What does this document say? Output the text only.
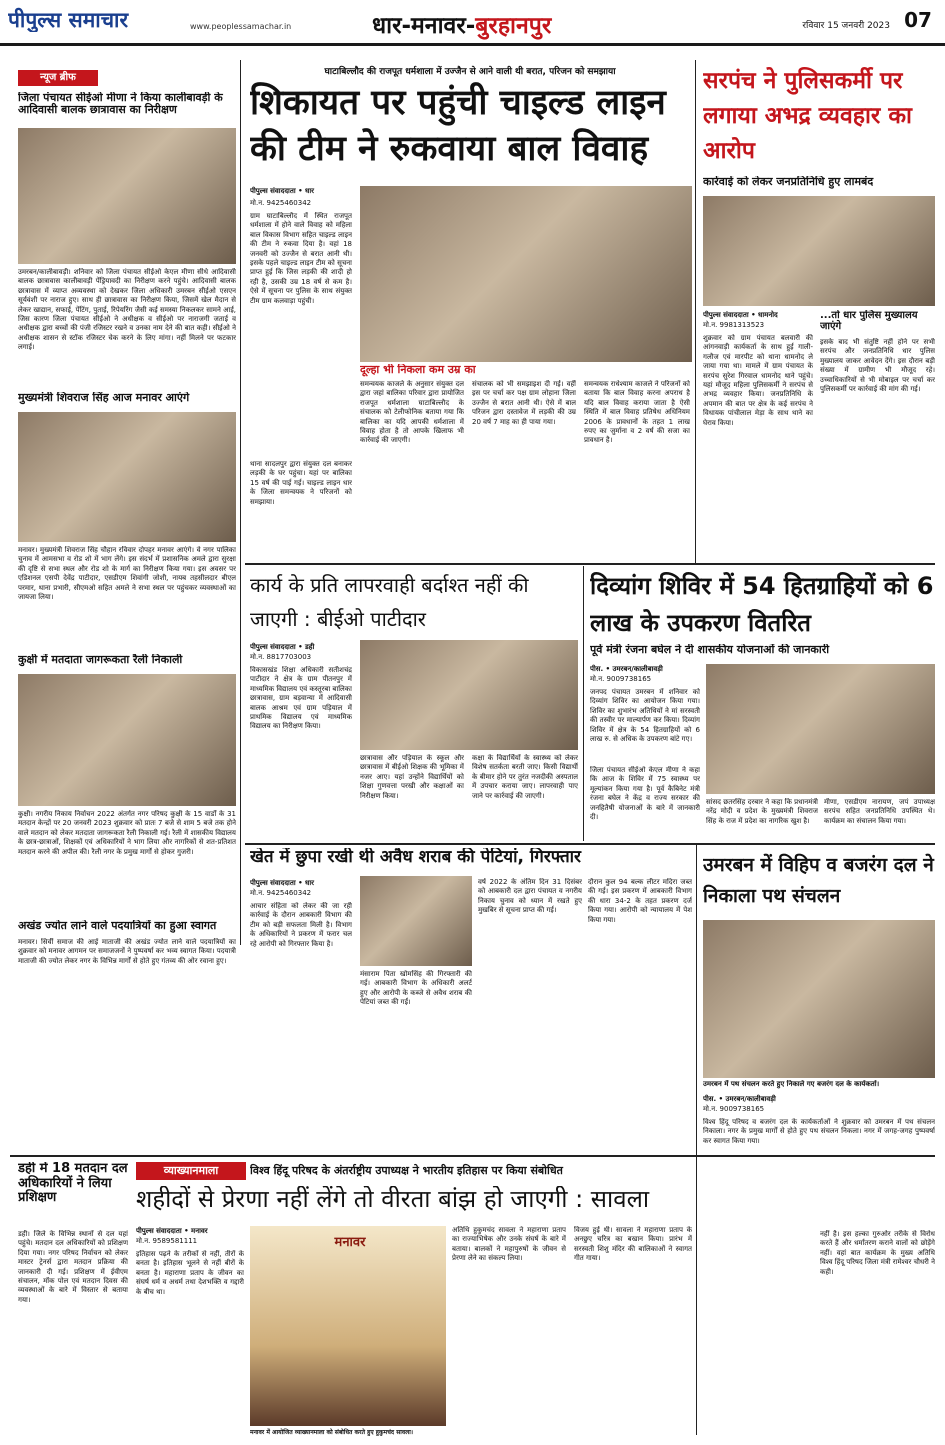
पीपुल्स समाचार	www.peoplessamachar.in	धार-मनावर-बुरहानपुर	रविवार 15 जनवरी 2023 07
न्यूज ब्रीफ
जिला पंचायत सीईओ मीणा ने किया कालीबावड़ी के आदिवासी बालक छात्रावास का निरीक्षण
उमरबन/कालीबावड़ी। शनिवार को जिला पंचायत सीईओ केएल मीणा सीधे आदिवासी बालक छात्रावास कालीबावड़ी पेंड्रियावदी का निरीक्षण करने पहुंचे। आदिवासी बालक छात्रावास में व्याप्त अव्यवस्था को देखकर जिला अधिकारी उमरबन सीईओ एसएन सूर्यवंशी पर नाराज हुए। साथ ही छात्रावास का निरीक्षण किया, जिसमें खेल मैदान से लेकर खाद्यान, सफाई, पेंटिंग, पुताई, रिपेयरिंग जैसी कई समस्या निकलकर सामने आई, जिस कारण जिला पंचायत सीईओ ने अधीक्षक व सीईओ पर नाराजगी जताई व अधीक्षक द्वारा बच्चों की पंजी रजिस्टर रखने व उनका नाम देने की बात कही। सीईओ ने अधीक्षक शासन से स्टॉक रजिस्टर चेक करने के लिए मांगा। नहीं मिलने पर फटकार लगाई।
मुख्यमंत्री शिवराज सिंह आज मनावर आएंगे
मनावर। मुख्यमंत्री शिवराज सिंह चौहान रविवार दोपहर मनावर आएंगे। वे नगर पालिका चुनाव में आमसभा व रोड शो में भाग लेंगे। इस संदर्भ में प्रशासनिक अमले द्वारा सुरक्षा की दृष्टि से सभा स्थल और रोड शो के मार्ग का निरीक्षण किया गया। इस अवसर पर एडिशनल एसपी देवेंद्र पाटीदार, एसडीएम शिवांगी जोशी, नायब तहसीलदार बीएल परमार, थाना प्रभारी, सीएमओ सहित अमले ने सभा स्थल पर पहुंचकर व्यवस्थाओं का जायजा लिया।
कुक्षी में मतदाता जागरूकता रैली निकाली
कुक्षी। नगरीय निकाय निर्वाचन 2022 अंतर्गत नगर परिषद कुक्षी के 15 वार्डों के 31 मतदान केन्द्रों पर 20 जनवरी 2023 शुक्रवार को प्रातः 7 बजे से शाम 5 बजे तक होने वाले मतदान को लेकर मतदाता जागरूकता रैली निकाली गई। रैली में शासकीय विद्यालय के छात्र-छात्राओं, शिक्षकों एवं अधिकारियों ने भाग लिया और नागरिकों से शत-प्रतिशत मतदान करने की अपील की। रैली नगर के प्रमुख मार्गों से होकर गुजरी।
अखंड ज्योत लाने वाले पदयात्रियों का हुआ स्वागत
मनावर। सिर्वी समाज की आई माताजी की अखंड ज्योत लाने वाले पदयात्रियों का शुक्रवार को मनावर आगमन पर समाजजनों ने पुष्पवर्षा कर भव्य स्वागत किया। पदयात्री माताजी की ज्योत लेकर नगर के विभिन्न मार्गों से होते हुए गंतव्य की ओर रवाना हुए।
डही में 18 मतदान दल अधिकारियों ने लिया प्रशिक्षण
डही। जिले के विभिन्न स्थानों से दल यहां पहुंचे। मतदान दल अधिकारियों को प्रशिक्षण दिया गया। नगर परिषद निर्वाचन को लेकर मास्टर ट्रेनर्स द्वारा मतदान प्रक्रिया की जानकारी दी गई। प्रशिक्षण में ईवीएम संचालन, मॉक पोल एवं मतदान दिवस की व्यवस्थाओं के बारे में विस्तार से बताया गया।
घाटाबिल्लौद की राजपूत धर्मशाला में उज्जैन से आने वाली थी बरात, परिजन को समझाया
शिकायत पर पहुंची चाइल्ड लाइन की टीम ने रुकवाया बाल विवाह
पीपुल्स संवाददाता • धार
मो.न. 9425460342
ग्राम घाटाबिल्लौद में स्थित राजपूत धर्मशाला में होने वाले विवाह को महिला बाल विकास विभाग सहित चाइल्ड लाइन की टीम ने रुकवा दिया है। वहां 18 जनवरी को उज्जैन से बरात आनी थी। इसके पहले चाइल्ड लाइन टीम को सूचना प्राप्त हुई कि जिस लड़की की शादी हो रही है, उसकी उम्र 18 वर्ष से कम है। ऐसे में सूचना पर पुलिस के साथ संयुक्त टीम ग्राम कलवाड़ा पहुंची।
दूल्हा भी निकला कम उम्र का
समन्वयक काजले के अनुसार संयुक्त दल द्वारा जहां बालिका परिवार द्वारा प्रायोजित राजपूत धर्मशाला घाटाबिल्लौद के संचालक को टेलीफोनिक बताया गया कि बालिका का यदि आपकी धर्मशाला में विवाह होता है तो आपके खिलाफ भी कार्रवाई की जाएगी।
संचालक को भी समझाइश दी गई। वहीं इस पर चर्चा कर पक्ष ग्राम लोहाना जिला उज्जैन से बरात आनी थी। ऐसे में बाल परिजन द्वारा दस्तावेज में लड़की की उम्र 20 वर्ष 7 माह का ही पाया गया।
समन्वयक राधेश्याम काजले ने परिजनों को बताया कि बाल विवाह करना अपराध है यदि बाल विवाह कराया जाता है ऐसी स्थिति में बाल विवाह प्रतिषेध अधिनियम 2006 के प्रावधानों के तहत 1 लाख रुपए का जुर्माना व 2 वर्ष की सजा का प्रावधान है।
थाना सादलपुर द्वारा संयुक्त दल बनाकर लड़की के घर पहुंचा। यहां पर बालिका 15 वर्ष की पाई गई। चाइल्ड लाइन धार के जिला समन्वयक ने परिजनों को समझाया।
सरपंच ने पुलिसकर्मी पर लगाया अभद्र व्यवहार का आरोप
कार्रवाई को लेकर जनप्रतिनिधि हुए लामबंद
पीपुल्स संवाददाता • धामनोद
मो.न. 9981313523
शुक्रवार को ग्राम पंचायत बलवारी की आंगनवाड़ी कार्यकर्ता के साथ हुई गाली-गलौज एवं मारपीट को थाना धामनोद ले जाया गया था। मामले में ग्राम पंचायत के सरपंच सुरेश गिरवाल धामनोद थाने पहुंचे। यहां मौजूद महिला पुलिसकर्मी ने सरपंच से अभद्र व्यवहार किया। जनप्रतिनिधि के अपमान की बात पर क्षेत्र के कई सरपंच ने विधायक पांचीलाल मेड़ा के साथ थाने का घेराव किया।
...तो धार पुलिस मुख्यालय जाएंगे
इसके बाद भी संतुष्टि नहीं होने पर सभी सरपंच और जनप्रतिनिधि धार पुलिस मुख्यालय जाकर आवेदन देंगे। इस दौरान बड़ी संख्या में ग्रामीण भी मौजूद रहे। उच्चाधिकारियों से भी मोबाइल पर चर्चा कर पुलिसकर्मी पर कार्रवाई की मांग की गई।
कार्य के प्रति लापरवाही बर्दाश्त नहीं की जाएगी : बीईओ पाटीदार
पीपुल्स संवाददाता • डही
मो.न. 8817703003
विकासखंड शिक्षा अधिकारी सतीशचंद्र पाटीदार ने क्षेत्र के ग्राम पीतनपुर में माध्यमिक विद्यालय एवं कस्तूरबा बालिका छात्रावास, ग्राम बड़वान्या में आदिवासी बालक आश्रम एवं ग्राम पड़ियाल में प्राथमिक विद्यालय एवं माध्यमिक विद्यालय का निरीक्षण किया।
छात्रावास और पड़ियाल के स्कूल और छात्रावास में बीईओ शिक्षक की भूमिका में नजर आए। यहां उन्होंने विद्यार्थियों को शिक्षा गुणवत्ता परखी और कक्षाओं का निरीक्षण किया।
कक्षा के विद्यार्थियों के स्वास्थ्य को लेकर विशेष सतर्कता बरती जाए। किसी विद्यार्थी के बीमार होने पर तुरंत नजदीकी अस्पताल में उपचार कराया जाए। लापरवाही पाए जाने पर कार्रवाई की जाएगी।
दिव्यांग शिविर में 54 हितग्राहियों को 6 लाख के उपकरण वितरित
पूर्व मंत्री रंजना बघेल ने दी शासकीय योजनाओं की जानकारी
पीस. • उमरबन/कालीबावड़ी
मो.न. 9009738165
जनपद पंचायत उमरबन में शनिवार को दिव्यांग शिविर का आयोजन किया गया। शिविर का शुभारंभ अतिथियों ने मां सरस्वती की तस्वीर पर माल्यार्पण कर किया। दिव्यांग शिविर में क्षेत्र के 54 हितग्राहियों को 6 लाख रु. से अधिक के उपकरण बांटे गए।
जिला पंचायत सीईओ केएल मीणा ने कहा कि आज के शिविर में 75 स्वास्थ्य पर मूल्यांकन किया गया है। पूर्व कैबिनेट मंत्री रंजना बघेल ने केंद्र व राज्य सरकार की जनहितैषी योजनाओं के बारे में जानकारी दी।
सांसद छतरसिंह दरबार ने कहा कि प्रधानमंत्री नरेंद्र मोदी व प्रदेश के मुख्यमंत्री शिवराज सिंह के राज में प्रदेश का नागरिक खुश है।
मीणा, एसडीएम नारायण, जपं उपाध्यक्ष सरपंच सहित जनप्रतिनिधि उपस्थित थे। कार्यक्रम का संचालन किया गया।
खेत में छुपा रखी थी अवैध शराब की पेटियां, गिरफ्तार
पीपुल्स संवाददाता • धार
मो.न. 9425460342
आचार संहिता को लेकर की जा रही कार्रवाई के दौरान आबकारी विभाग की टीम को बड़ी सफलता मिली है। विभाग के अधिकारियों ने प्रकरण में फरार चल रहे आरोपी को गिरफ्तार किया है।
मंसाराम पिता खोमसिंह की गिरफ्तारी की गई। आबकारी विभाग के अधिकारी अलर्ट हुए और आरोपी के कब्जे से अवैध शराब की पेटियां जब्त की गईं।
वर्ष 2022 के अंतिम दिन 31 दिसंबर को आबकारी दल द्वारा पंचायत व नगरीय निकाय चुनाव को ध्यान में रखते हुए मुखबिर से सूचना प्राप्त की गई।
दौरान कुल 94 बल्क लीटर मदिरा जब्त की गई। इस प्रकरण में आबकारी विभाग की धारा 34-2 के तहत प्रकरण दर्ज किया गया। आरोपी को न्यायालय में पेश किया गया।
उमरबन में विहिप व बजरंग दल ने निकाला पथ संचलन
उमरबन में पथ संचलन करते हुए निकाले गए बजरंग दल के कार्यकर्ता।
पीस. • उमरबन/कालीबावड़ी
मो.न. 9009738165
विश्व हिंदू परिषद व बजरंग दल के कार्यकर्ताओं ने शुक्रवार को उमरबन में पथ संचलन निकाला। नगर के प्रमुख मार्गों से होते हुए पथ संचलन निकला। नगर में जगह-जगह पुष्पवर्षा कर स्वागत किया गया।
व्याख्यानमाला	विश्व हिंदू परिषद के अंतर्राष्ट्रीय उपाध्यक्ष ने भारतीय इतिहास पर किया संबोधित
शहीदों से प्रेरणा नहीं लेंगे तो वीरता बांझ हो जाएगी : सावला
पीपुल्स संवाददाता • मनावर
मो.न. 9589581111
इतिहास पढ़ने के तरीकों से नहीं, तीरों के बनता है। इतिहास भूलने से नहीं बीरों के बनता है। महाराणा प्रताप के जीवन का संघर्ष धर्म व अधर्म तथा देशभक्ति व गद्दारी के बीच था।
मनावर
मनावर में आयोजित व्याख्यानमाला को संबोधित करते हुए हुकुमचंद सावला।
अतिथि हुकुमचंद सावला ने महाराणा प्रताप का राज्याभिषेक और उनके संघर्ष के बारे में बताया। बालकों ने महापुरुषों के जीवन से प्रेरणा लेने का संकल्प लिया।
विजय हुई थी। सावला ने महाराणा प्रताप के अनछुए चरित्र का बखान किया। प्रारंभ में सरस्वती शिशु मंदिर की बालिकाओं ने स्वागत गीत गाया।
नहीं है। इस हल्का गुरुओर तरीके से विरोध करते हैं और धर्मांतरण कराने वालों को छोड़ेंगे नहीं। वहां बात कार्यक्रम के मुख्य अतिथि विश्व हिंदू परिषद जिला मंत्री रामेश्वर चौधरी ने कही।
